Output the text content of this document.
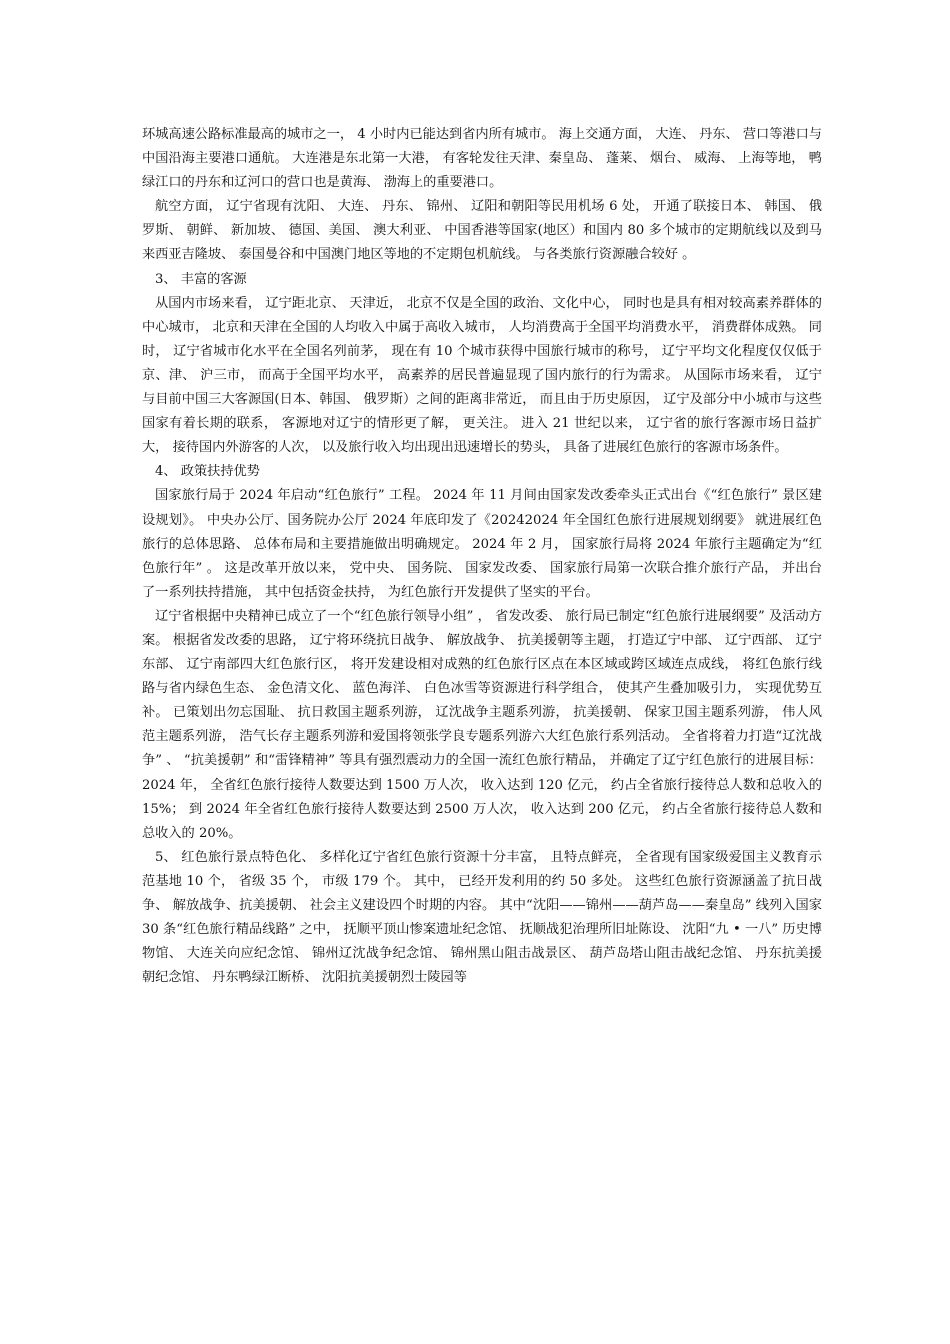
环城高速公路标准最高的城市之一， 4 小时内已能达到省内所有城市。 海上交通方面， 大连、 丹东、 营口等港口与中国沿海主要港口通航。 大连港是东北第一大港， 有客轮发往天津、秦皇岛、 蓬莱、 烟台、 威海、 上海等地， 鸭绿江口的丹东和辽河口的营口也是黄海、 渤海上的重要港口。

航空方面， 辽宁省现有沈阳、 大连、 丹东、 锦州、 辽阳和朝阳等民用机场 6 处， 开通了联接日本、 韩国、 俄罗斯、 朝鲜、 新加坡、 德国、美国、 澳大利亚、 中国香港等国家(地区）和国内 80 多个城市的定期航线以及到马来西亚吉隆坡、 泰国曼谷和中国澳门地区等地的不定期包机航线。 与各类旅行资源融合较好 。

3、 丰富的客源

从国内市场来看， 辽宁距北京、 天津近， 北京不仅是全国的政治、文化中心， 同时也是具有相对较高素养群体的中心城市， 北京和天津在全国的人均收入中属于高收入城市， 人均消费高于全国平均消费水平， 消费群体成熟。 同时， 辽宁省城市化水平在全国名列前茅， 现在有 10 个城市获得中国旅行城市的称号， 辽宁平均文化程度仅仅低于京、津、 沪三市， 而高于全国平均水平， 高素养的居民普遍显现了国内旅行的行为需求。 从国际市场来看， 辽宁与目前中国三大客源国(日本、韩国、 俄罗斯）之间的距离非常近， 而且由于历史原因， 辽宁及部分中小城市与这些国家有着长期的联系， 客源地对辽宁的情形更了解， 更关注。 进入 21 世纪以来， 辽宁省的旅行客源市场日益扩大， 接待国内外游客的人次， 以及旅行收入均出现出迅速增长的势头， 具备了进展红色旅行的客源市场条件。

4、 政策扶持优势

国家旅行局于 2024 年启动“红色旅行” 工程。 2024 年 11 月间由国家发改委牵头正式出台《“红色旅行” 景区建设规划》。 中央办公厅、国务院办公厅 2024 年底印发了《20242024 年全国红色旅行进展规划纲要》 就进展红色旅行的总体思路、 总体布局和主要措施做出明确规定。 2024 年 2 月， 国家旅行局将 2024 年旅行主题确定为“红色旅行年” 。 这是改革开放以来， 党中央、 国务院、 国家发改委、 国家旅行局第一次联合推介旅行产品， 并出台了一系列扶持措施， 其中包括资金扶持， 为红色旅行开发提供了坚实的平台。

辽宁省根据中央精神已成立了一个“红色旅行领导小组” ， 省发改委、 旅行局已制定“红色旅行进展纲要” 及活动方案。 根据省发改委的思路， 辽宁将环绕抗日战争、 解放战争、 抗美援朝等主题， 打造辽宁中部、 辽宁西部、 辽宁东部、 辽宁南部四大红色旅行区， 将开发建设相对成熟的红色旅行区点在本区域或跨区域连点成线， 将红色旅行线路与省内绿色生态、 金色清文化、 蓝色海洋、 白色冰雪等资源进行科学组合， 使其产生叠加吸引力， 实现优势互补。 已策划出勿忘国耻、 抗日救国主题系列游， 辽沈战争主题系列游， 抗美援朝、 保家卫国主题系列游， 伟人风范主题系列游， 浩气长存主题系列游和爱国将领张学良专题系列游六大红色旅行系列活动。 全省将着力打造“辽沈战争” 、 “抗美援朝” 和“雷锋精神” 等具有强烈震动力的全国一流红色旅行精品， 并确定了辽宁红色旅行的进展目标： 2024 年， 全省红色旅行接待人数要达到 1500 万人次， 收入达到 120 亿元， 约占全省旅行接待总人数和总收入的 15%； 到 2024 年全省红色旅行接待人数要达到 2500 万人次， 收入达到 200 亿元， 约占全省旅行接待总人数和总收入的 20%。

5、 红色旅行景点特色化、 多样化辽宁省红色旅行资源十分丰富， 且特点鲜亮， 全省现有国家级爱国主义教育示范基地 10 个， 省级 35 个， 市级 179 个。 其中， 已经开发利用的约 50 多处。 这些红色旅行资源涵盖了抗日战争、 解放战争、抗美援朝、 社会主义建设四个时期的内容。 其中“沈阳——锦州——葫芦岛——秦皇岛” 线列入国家 30 条“红色旅行精品线路” 之中， 抚顺平顶山惨案遗址纪念馆、 抚顺战犯治理所旧址陈设、 沈阳“九 • 一八” 历史博物馆、 大连关向应纪念馆、 锦州辽沈战争纪念馆、 锦州黑山阻击战景区、 葫芦岛塔山阻击战纪念馆、 丹东抗美援朝纪念馆、 丹东鸭绿江断桥、 沈阳抗美援朝烈士陵园等
